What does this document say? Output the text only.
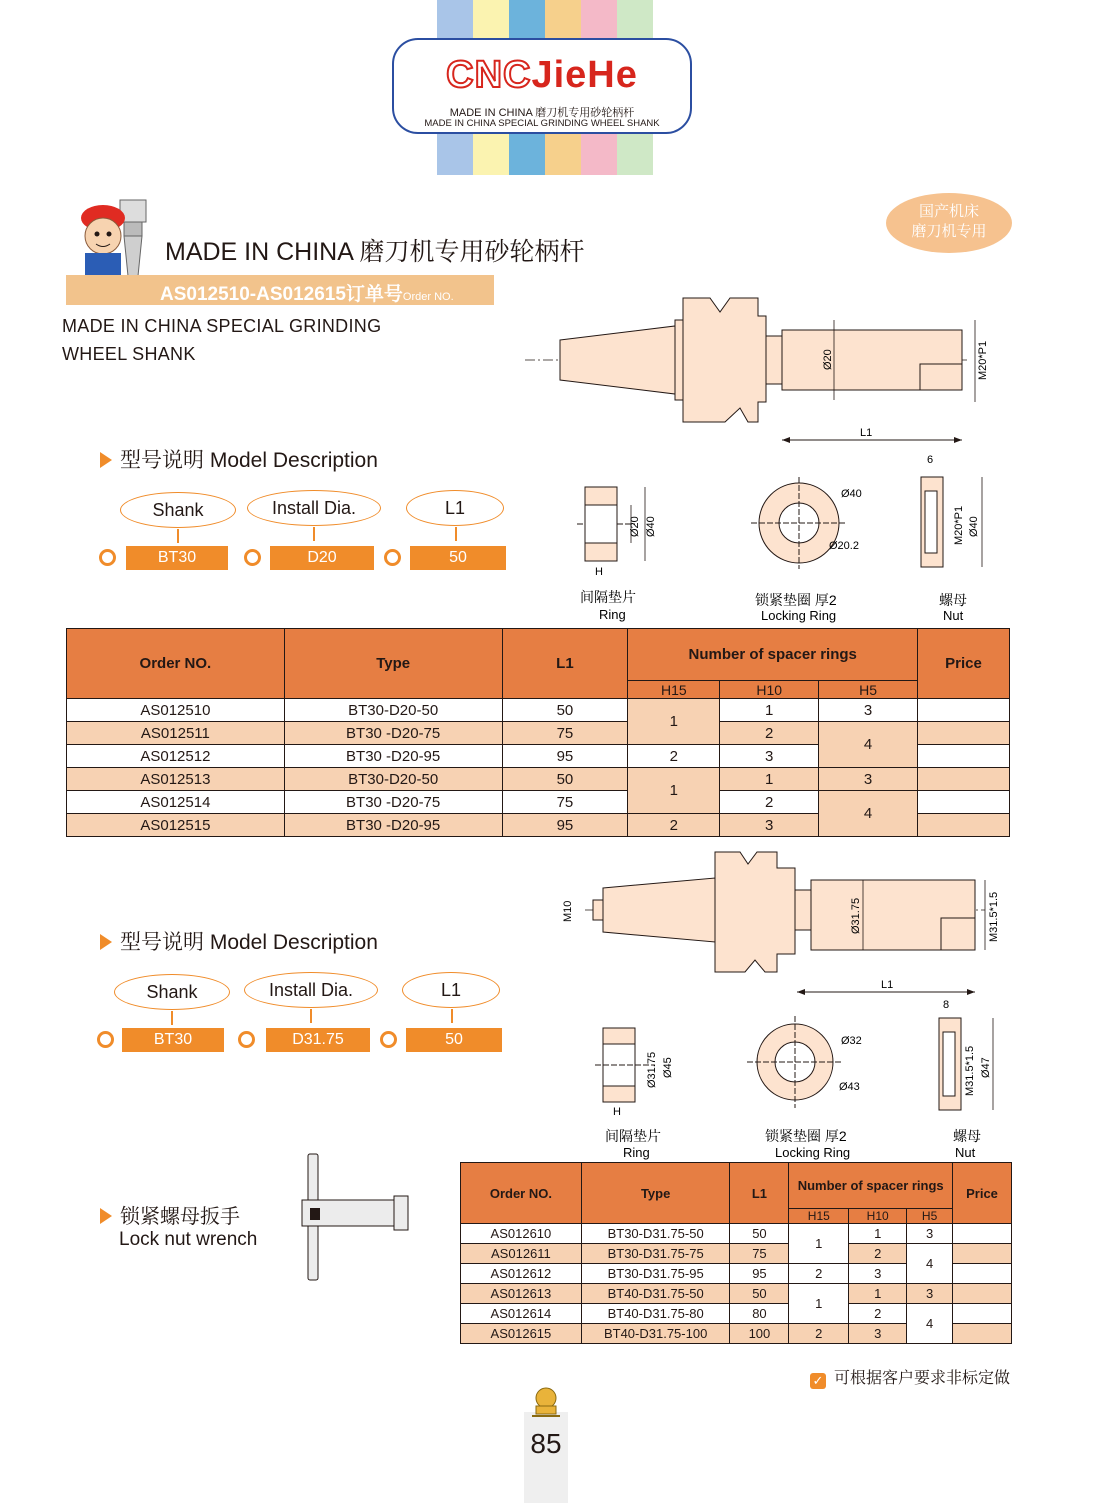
CNCJieHe
MADE IN CHINA 磨刀机专用砂轮柄杆
MADE IN CHINA SPECIAL GRINDING WHEEL SHANK
MADE IN CHINA 磨刀机专用砂轮柄杆
AS012510-AS012615订单号Order NO.
MADE IN CHINA SPECIAL GRINDING
WHEEL SHANK
国产机床
磨刀机专用
L1
Ø20	M20*P1
Ø20 Ø40
H
Ø40
Ø20.2
6
M20*P1 Ø40
间隔垫片
Ring
锁紧垫圈 厚2
Locking Ring
螺母
Nut
型号说明 Model Description
Shank	Install Dia.	L1
BT30	D20	50
Order NO.	Type	L1	Number of spacer rings			Price
			H15	H10	H5	
AS012510	BT30-D20-50	50	1	1	3	
AS012511	BT30 -D20-75	75		2	4	
AS012512	BT30 -D20-95	95	2	3		
AS012513	BT30-D20-50	50	1	1	3	
AS012514	BT30 -D20-75	75		2	4	
AS012515	BT30 -D20-95	95	2	3		
L1
M10	Ø31.75	M31.5*1.5
Ø31.75 Ø45
H
Ø32
Ø43
8
M31.5*1.5 Ø47
间隔垫片
Ring
锁紧垫圈 厚2
Locking Ring
螺母
Nut
型号说明 Model Description
Shank	Install Dia.	L1
BT30	D31.75	50
锁紧螺母扳手
Lock nut wrench
Order NO.	Type	L1	Number of spacer rings			Price
			H15	H10	H5	
AS012610	BT30-D31.75-50	50	1	1	3	
AS012611	BT30-D31.75-75	75		2	4	
AS012612	BT30-D31.75-95	95	2	3		
AS012613	BT40-D31.75-50	50	1	1	3	
AS012614	BT40-D31.75-80	80		2	4	
AS012615	BT40-D31.75-100	100	2	3		
✓ 可根据客户要求非标定做
85
